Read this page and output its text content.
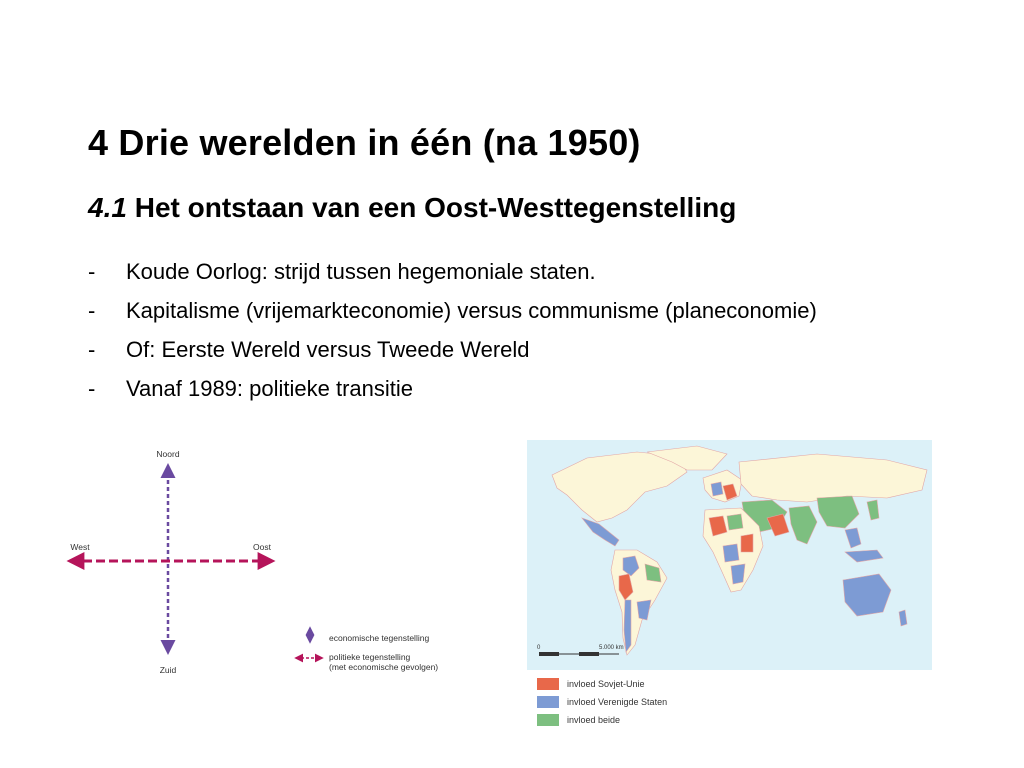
4 Drie werelden in één (na 1950)
4.1 Het ontstaan van een Oost-Westtegenstelling
- Koude Oorlog: strijd tussen hegemoniale staten.
- Kapitalisme (vrijemarkteconomie) versus communisme (planeconomie)
- Of: Eerste Wereld versus Tweede Wereld
- Vanaf 1989: politieke transitie
Noord
Zuid
West	Oost
economische tegenstelling
politieke tegenstelling
(met economische gevolgen)
0	5.000 km
invloed Sovjet-Unie
invloed Verenigde Staten
invloed beide
